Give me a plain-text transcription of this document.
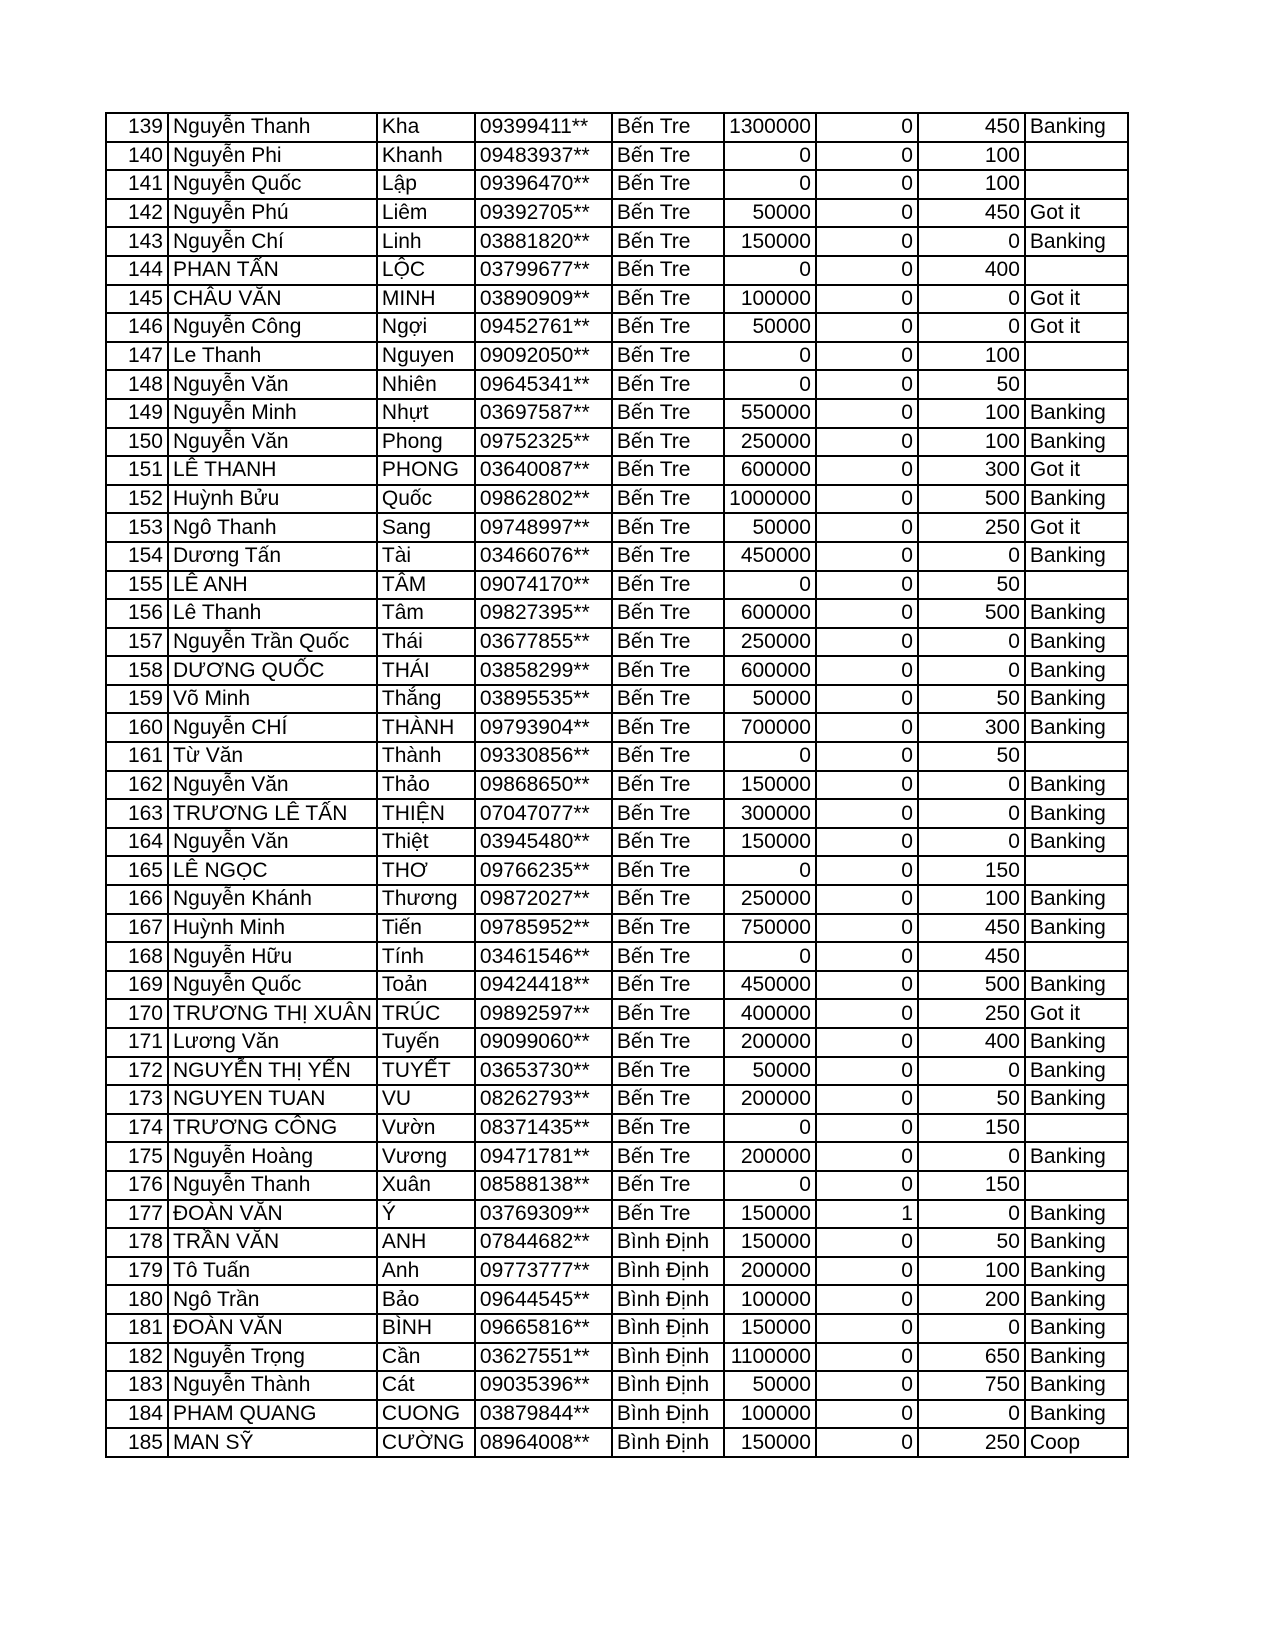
139	Nguyễn Thanh	Kha	09399411**	Bến Tre	1300000	0	450	Banking
140	Nguyễn Phi	Khanh	09483937**	Bến Tre	0	0	100	
141	Nguyễn Quốc	Lập	09396470**	Bến Tre	0	0	100	
142	Nguyễn Phú	Liêm	09392705**	Bến Tre	50000	0	450	Got it
143	Nguyễn Chí	Linh	03881820**	Bến Tre	150000	0	0	Banking
144	PHAN TẤN	LỘC	03799677**	Bến Tre	0	0	400	
145	CHÂU VĂN	MINH	03890909**	Bến Tre	100000	0	0	Got it
146	Nguyễn Công	Ngợi	09452761**	Bến Tre	50000	0	0	Got it
147	Le Thanh	Nguyen	09092050**	Bến Tre	0	0	100	
148	Nguyễn Văn	Nhiên	09645341**	Bến Tre	0	0	50	
149	Nguyễn Minh	Nhựt	03697587**	Bến Tre	550000	0	100	Banking
150	Nguyễn Văn	Phong	09752325**	Bến Tre	250000	0	100	Banking
151	LÊ THANH	PHONG	03640087**	Bến Tre	600000	0	300	Got it
152	Huỳnh Bửu	Quốc	09862802**	Bến Tre	1000000	0	500	Banking
153	Ngô Thanh	Sang	09748997**	Bến Tre	50000	0	250	Got it
154	Dương Tấn	Tài	03466076**	Bến Tre	450000	0	0	Banking
155	LÊ ANH	TÂM	09074170**	Bến Tre	0	0	50	
156	Lê Thanh	Tâm	09827395**	Bến Tre	600000	0	500	Banking
157	Nguyễn Trần Quốc	Thái	03677855**	Bến Tre	250000	0	0	Banking
158	DƯƠNG QUỐC	THÁI	03858299**	Bến Tre	600000	0	0	Banking
159	Võ Minh	Thắng	03895535**	Bến Tre	50000	0	50	Banking
160	Nguyễn CHÍ	THÀNH	09793904**	Bến Tre	700000	0	300	Banking
161	Từ Văn	Thành	09330856**	Bến Tre	0	0	50	
162	Nguyễn Văn	Thảo	09868650**	Bến Tre	150000	0	0	Banking
163	TRƯƠNG LÊ TẤN	THIỆN	07047077**	Bến Tre	300000	0	0	Banking
164	Nguyễn Văn	Thiệt	03945480**	Bến Tre	150000	0	0	Banking
165	LÊ NGỌC	THƠ	09766235**	Bến Tre	0	0	150	
166	Nguyễn Khánh	Thương	09872027**	Bến Tre	250000	0	100	Banking
167	Huỳnh Minh	Tiến	09785952**	Bến Tre	750000	0	450	Banking
168	Nguyễn Hữu	Tính	03461546**	Bến Tre	0	0	450	
169	Nguyễn Quốc	Toản	09424418**	Bến Tre	450000	0	500	Banking
170	TRƯƠNG THỊ XUÂN	TRÚC	09892597**	Bến Tre	400000	0	250	Got it
171	Lương Văn	Tuyến	09099060**	Bến Tre	200000	0	400	Banking
172	NGUYỄN THỊ YẾN	TUYẾT	03653730**	Bến Tre	50000	0	0	Banking
173	NGUYEN TUAN	VU	08262793**	Bến Tre	200000	0	50	Banking
174	TRƯƠNG CÔNG	Vườn	08371435**	Bến Tre	0	0	150	
175	Nguyễn Hoàng	Vương	09471781**	Bến Tre	200000	0	0	Banking
176	Nguyễn Thanh	Xuân	08588138**	Bến Tre	0	0	150	
177	ĐOÀN VĂN	Ý	03769309**	Bến Tre	150000	1	0	Banking
178	TRẦN VĂN	ANH	07844682**	Bình Định	150000	0	50	Banking
179	Tô Tuấn	Anh	09773777**	Bình Định	200000	0	100	Banking
180	Ngô Trần	Bảo	09644545**	Bình Định	100000	0	200	Banking
181	ĐOÀN VĂN	BÌNH	09665816**	Bình Định	150000	0	0	Banking
182	Nguyễn Trọng	Cần	03627551**	Bình Định	1100000	0	650	Banking
183	Nguyễn Thành	Cát	09035396**	Bình Định	50000	0	750	Banking
184	PHAM QUANG	CUONG	03879844**	Bình Định	100000	0	0	Banking
185	MAN SỸ	CƯỜNG	08964008**	Bình Định	150000	0	250	Coop
